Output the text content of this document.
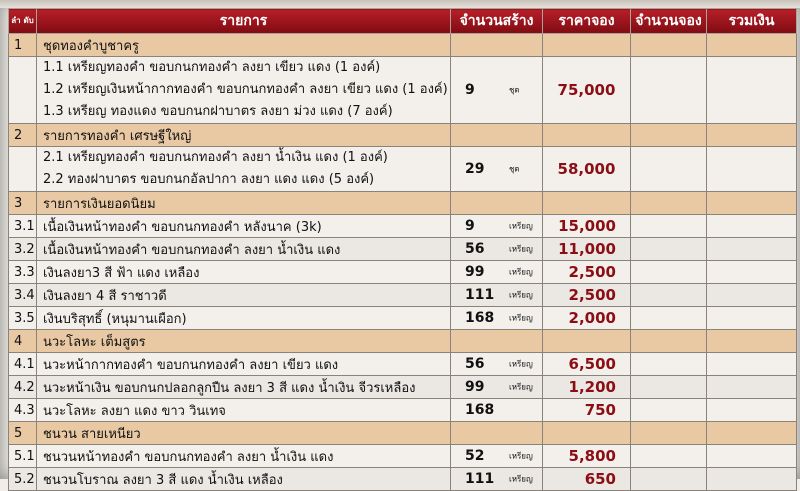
ลำ ดับ	รายการ	จำนวนสร้าง	ราคาจอง	จำนวนจอง	รวมเงิน
1	ชุดทองคำบูชาครู				

	1.1 เหรียญทองคำ ขอบกนกทองคำ ลงยา เขียว แดง (1 องค์)
1.2 เหรียญเงินหน้ากากทองคำ ขอบกนกทองคำ ลงยา เขียว แดง (1 องค์)
1.3 เหรียญ ทองแดง ขอบกนกฝาบาตร ลงยา ม่วง แดง (7 องค์)	9 ชุด	75,000		
2	รายการทองคำ เศรษฐีใหญ่				

	2.1 เหรียญทองคำ ขอบกนกทองคำ ลงยา น้ำเงิน แดง (1 องค์)
2.2 ทองฝาบาตร ขอบกนกอัลปากา ลงยา แดง แดง (5 องค์)	29 ชุด	58,000		
3	รายการเงินยอดนิยม				
3.1	เนื้อเงินหน้าทองคำ ขอบกนกทองคำ หลังนาค (3k)	9 เหรียญ	15,000		
3.2	เนื้อเงินหน้าทองคำ ขอบกนกทองคำ ลงยา น้ำเงิน แดง	56 เหรียญ	11,000		
3.3	เงินลงยา3 สี ฟ้า แดง เหลือง	99 เหรียญ	2,500		
3.4	เงินลงยา 4 สี ราชาวดี	111 เหรียญ	2,500		
3.5	เงินบริสุทธิ์ (หนุมานเผือก)	168 เหรียญ	2,000		
4	นวะโลหะ เต็มสูตร				
4.1	นวะหน้ากากทองคำ ขอบกนกทองคำ ลงยา เขียว แดง	56 เหรียญ	6,500		
4.2	นวะหน้าเงิน ขอบกนกปลอกลูกปืน ลงยา 3 สี แดง น้ำเงิน จีวรเหลือง	99 เหรียญ	1,200		
4.3	นวะโลหะ ลงยา แดง ขาว วินเทจ	168	750		
5	ชนวน สายเหนียว				
5.1	ชนวนหน้าทองคำ ขอบกนกทองคำ ลงยา น้ำเงิน แดง	52 เหรียญ	5,800		
5.2	ชนวนโบราณ ลงยา 3 สี แดง น้ำเงิน เหลือง	111 เหรียญ	650		
